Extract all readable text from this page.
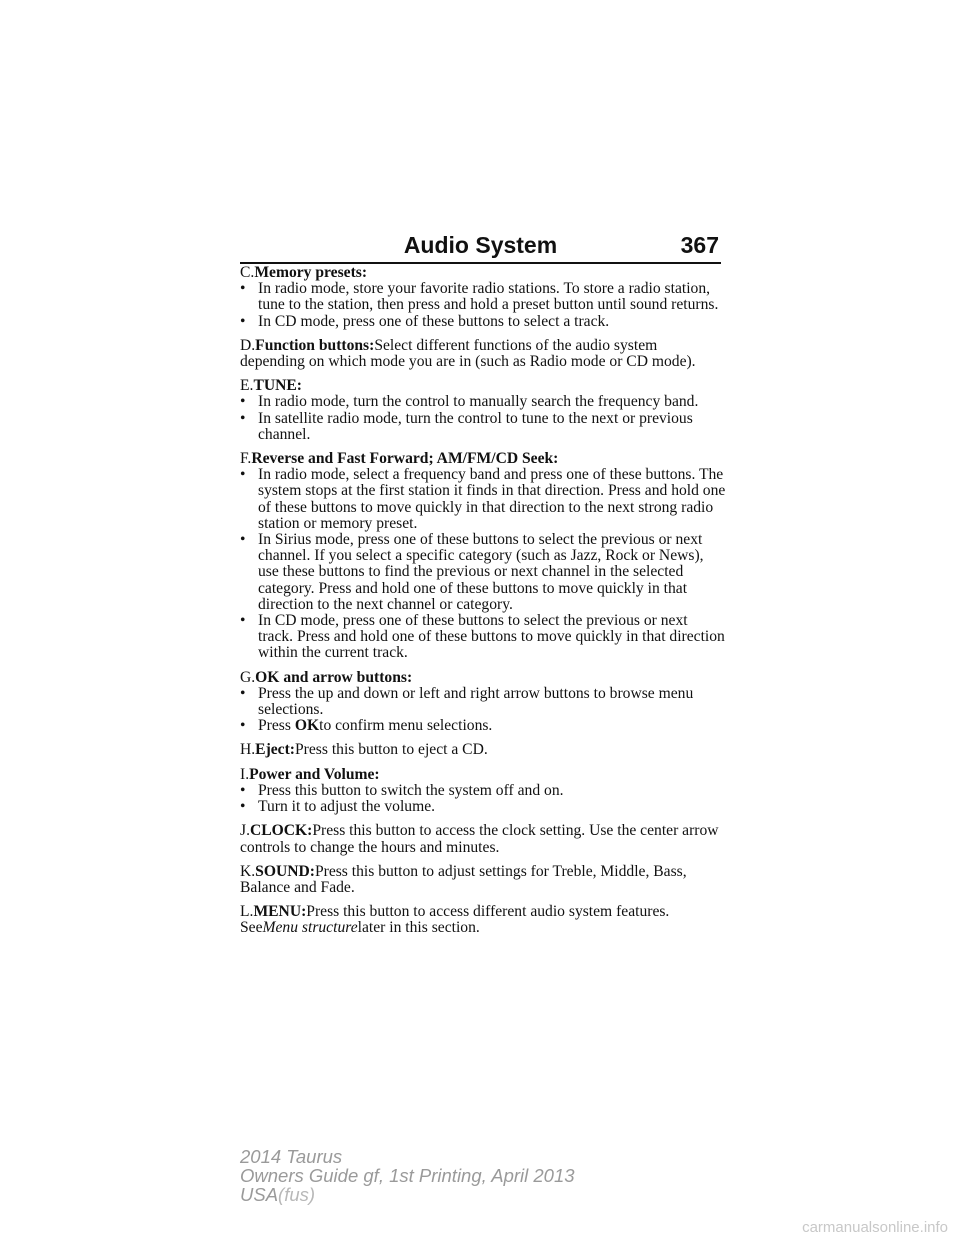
Audio System	367

C.Memory presets:

• In radio mode, store your favorite radio stations. To store a radio station, tune to the station, then press and hold a preset button until sound returns.

• In CD mode, press one of these buttons to select a track.

D.Function buttons:Select different functions of the audio system depending on which mode you are in (such as Radio mode or CD mode).

E.TUNE:

• In radio mode, turn the control to manually search the frequency band.

• In satellite radio mode, turn the control to tune to the next or previous channel.

F.Reverse and Fast Forward; AM/FM/CD Seek:

• In radio mode, select a frequency band and press one of these buttons. The system stops at the first station it finds in that direction. Press and hold one of these buttons to move quickly in that direction to the next strong radio station or memory preset.

• In Sirius mode, press one of these buttons to select the previous or next channel. If you select a specific category (such as Jazz, Rock or News), use these buttons to find the previous or next channel in the selected category. Press and hold one of these buttons to move quickly in that direction to the next channel or category.

• In CD mode, press one of these buttons to select the previous or next track. Press and hold one of these buttons to move quickly in that direction within the current track.

G.OK and arrow buttons:

• Press the up and down or left and right arrow buttons to browse menu selections.

• Press OKto confirm menu selections.

H.Eject:Press this button to eject a CD.

I.Power and Volume:

• Press this button to switch the system off and on.

• Turn it to adjust the volume.

J.CLOCK:Press this button to access the clock setting. Use the center arrow controls to change the hours and minutes.

K.SOUND:Press this button to adjust settings for Treble, Middle, Bass, Balance and Fade.

L.MENU:Press this button to access different audio system features. SeeMenu structurelater in this section.

2014 Taurus
Owners Guide gf, 1st Printing, April 2013
USA(fus)
carmanualsonline.info
